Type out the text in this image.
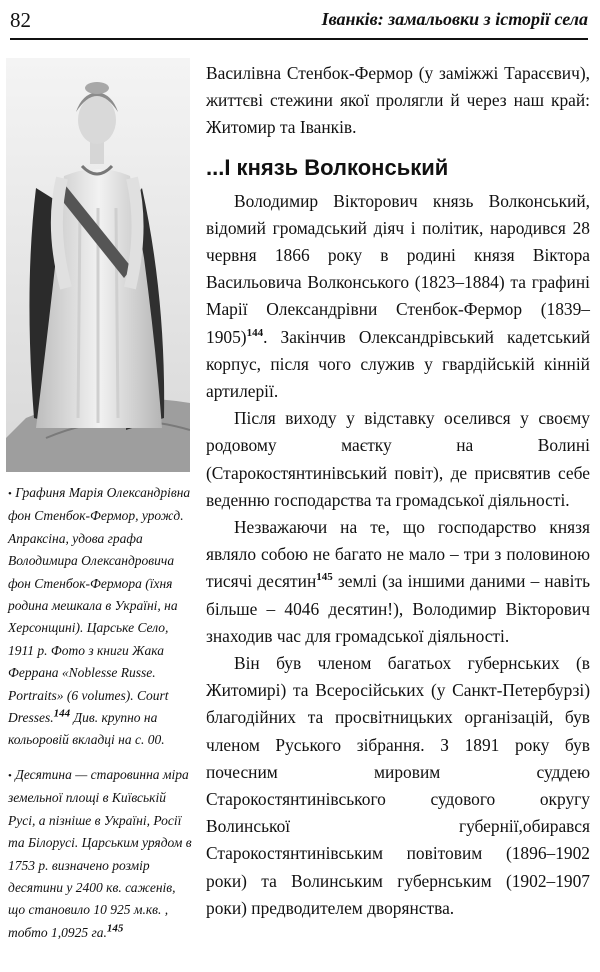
82	Іванків: замальовки з історії села

• Графиня Марія Олександрівна фон Стенбок-Фермор, урожд. Апраксіна, удова графа Володимира Олександровича фон Стенбок-Фермора (їхня родина мешкала в Україні, на Херсонщині). Царське Село, 1911 р. Фото з книги Жака Феррана «Noblesse Russe. Portraits» (6 volumes). Court Dresses.$^{144}$ Див. крупно на кольоровій вкладці на с. 00.

• Десятина — старовинна міра земельної площі в Київській Русі, а пізніше в Україні, Росії та Білорусі. Царським урядом в 1753 р. визначено розмір десятини у 2400 кв. саженів, що становило 10 925 м.кв. , тобто 1,0925 га.$^{145}$

Василівна Стенбок-Фермор (у заміжжі Тарасєвич), життєві стежини якої пролягли й через наш край: Житомир та Іванків.

...І князь Волконський

Володимир Вікторович князь Волконський, відомий громадський діяч і політик, народився 28 червня 1866 року в родині князя Віктора Васильовича Волконського (1823–1884) та графині Марії Олександрівни Стенбок-Фермор (1839–1905)$^{144}$. Закінчив Олександрівський кадетський корпус, після чого служив у гвардійській кінній артилерії.

Після виходу у відставку оселився у своєму родовому маєтку на Волині (Старокостянтинівський повіт), де присвятив себе веденню господарства та громадської діяльності.

Незважаючи на те, що господарство князя являло собою не багато не мало – три з половиною тисячі десятин$^{145}$ землі (за іншими даними – навіть більше – 4046 десятин!), Володимир Вікторович знаходив час для громадської діяльності.

Він був членом багатьох губернських (в Житомирі) та Всеросійських (у Санкт-Петербурзі) благодійних та просвітницьких організацій, був членом Руського зібрання. З 1891 року був почесним мировим суддею Старокостянтинівського судового округу Волинської губернії,обирався Старокостянтинівським повітовим (1896–1902 роки) та Волинським губернським (1902–1907 роки) предводителем дворянства.
